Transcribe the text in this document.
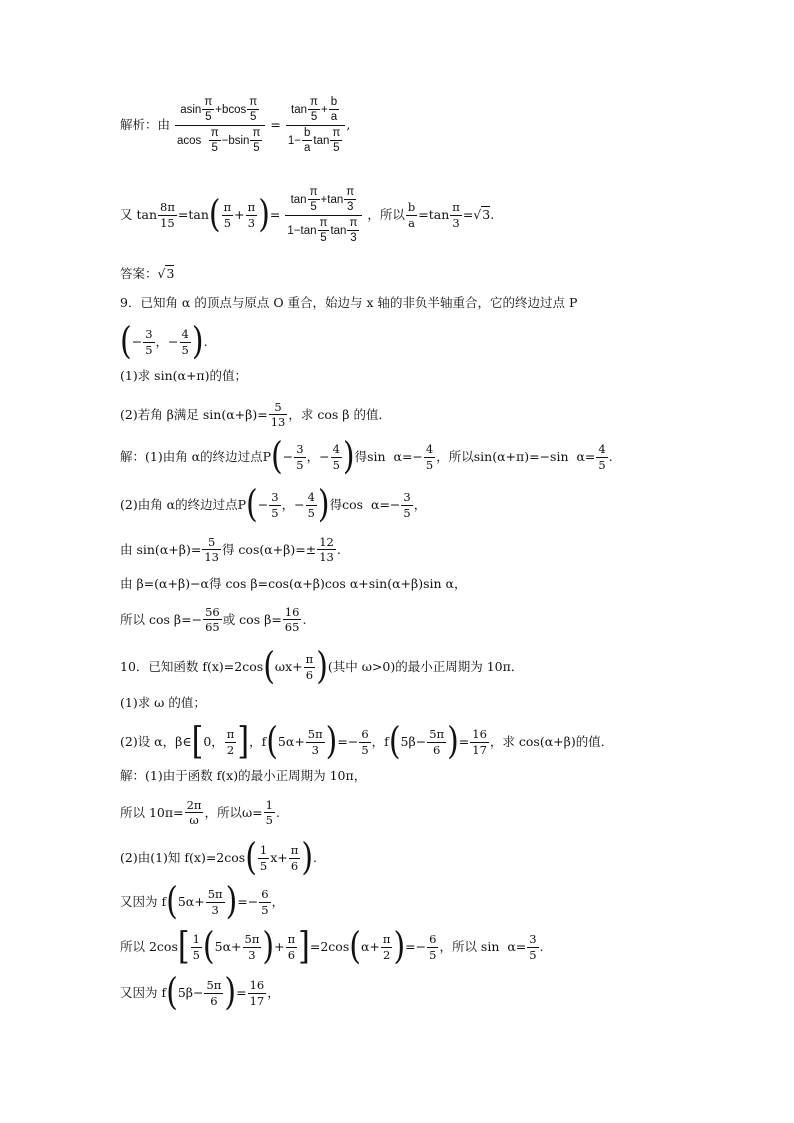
解析：由 $\frac{asin \frac{\pi}{5} +bcos \frac{\pi}{5}}{acos \frac{\pi}{5} -bsin \frac{\pi}{5}} = \frac{\tan \frac{\pi}{5} + \frac{b}{a}}{1- \frac{b}{a} \tan \frac{\pi}{5}}$ ,
又 $\tan \frac{8\pi}{15} =\tan( \frac{\pi}{5} + \frac{\pi}{3}$ )= $\frac{\tan \frac{\pi}{5} +\tan \frac{\pi}{3}}{1-\tan \frac{\pi}{5} \tan \frac{\pi}{3}}$ ，所以 $\frac{b}{a} =\tan \frac{\pi}{3} =√3$.
答案：√3
9．已知角 α 的顶点与原点 O 重合，始边与 x 轴的非负半轴重合，它的终边过点 P
(− $\frac{3}{5}$ ，− $\frac{4}{5}$ ).
(1)求 sin(α+π)的值；
(2)若角 β满足 $\sin(\alpha+\beta)= \frac{5}{13}$ ，求 cos β 的值．
解：(1)由角 α的终边过点$P(- \frac{3}{5}$ ，− $\frac{4}{5}$ )得$\sin \alpha=- \frac{4}{5}$ ，所以sin(α+π)=−sin  $\alpha= \frac{4}{5}$ .
(2)由角 α的终边过点$P(- \frac{3}{5}$ ，− $\frac{4}{5}$ )得$\cos \alpha=- \frac{3}{5}$ ，
由 $\sin(\alpha+\beta)= \frac{5}{13}$ 得 $\cos(\alpha+\beta)=\pm \frac{12}{13}$ .
由 β=(α+β)−α得 cos β=cos(α+β)cos α+sin(α+β)sin α，
所以 $\cos \beta=- \frac{56}{65}$ 或 $\cos \beta= \frac{16}{65}$ .
10．已知函数 $f(x)=2\cos(\omega x+ \frac{\pi}{6}$ )(其中 ω>0)的最小正周期为 10π．
(1)求 ω 的值；
(2)设 α，β∈[0， $\frac{\pi}{2}$ ]，$f(5\alpha+ \frac{5\pi}{3}$ )=− $\frac{6}{5}$ ，$f(5\beta- \frac{5\pi}{6}$ )= $\frac{16}{17}$ ，求 cos(α+β)的值．
解：(1)由于函数 f(x)的最小正周期为 10π，
所以 $10\pi= \frac{2\pi}{\omega}$ ，所以$\omega= \frac{1}{5}$ .
(2)由(1)知 $f(x)=2\cos( \frac{1}{5} x+ \frac{\pi}{6}$ ).
又因为 $f(5\alpha+ \frac{5\pi}{3}$ )=− $\frac{6}{5}$ ，
所以 $2\cos[ \frac{1}{5} (5\alpha+ \frac{5\pi}{3}$ )+ $\frac{\pi}{6} ]=2\cos(\alpha+ \frac{\pi}{2}$ )=− $\frac{6}{5}$ ，所以 $\sin \alpha= \frac{3}{5}$ .
又因为 $f(5\beta- \frac{5\pi}{6}$ )= $\frac{16}{17}$ ，
